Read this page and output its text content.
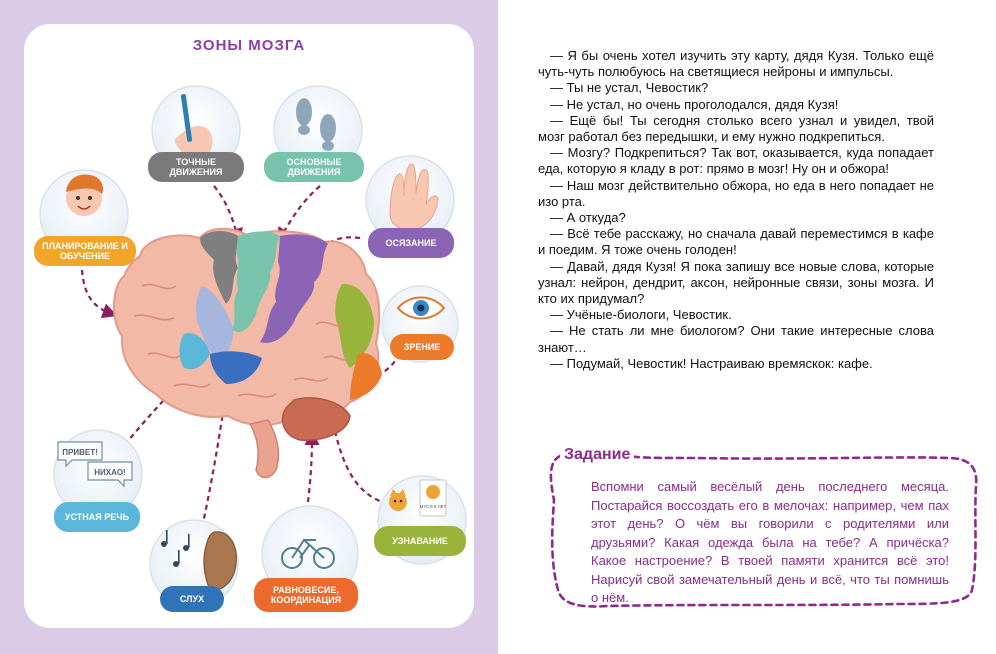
ЗОНЫ МОЗГА
ПРИВЕТ!
НИХАО!
МУСЯ 8 ЛЕТ
ТОЧНЫЕ ДВИЖЕНИЯ
ОСНОВНЫЕ ДВИЖЕНИЯ
ОСЯЗАНИЕ
ПЛАНИРОВАНИЕ И ОБУЧЕНИЕ
ЗРЕНИЕ
УСТНАЯ РЕЧЬ
УЗНАВАНИЕ
СЛУХ
РАВНОВЕСИЕ, КООРДИНАЦИЯ

— Я бы очень хотел изучить эту карту, дядя Кузя. Только ещё чуть-чуть полюбуюсь на светящиеся нейроны и импульсы.

— Ты не устал, Чевостик?

— Не устал, но очень проголодался, дядя Кузя!

— Ещё бы! Ты сегодня столько всего узнал и увидел, твой мозг работал без передышки, и ему нужно подкрепиться.

— Мозгу? Подкрепиться? Так вот, оказывается, куда попадает еда, которую я кладу в рот: прямо в мозг! Ну он и обжора!

— Наш мозг действительно обжора, но еда в него попадает не изо рта.

— А откуда?

— Всё тебе расскажу, но сначала давай переместимся в кафе и поедим. Я тоже очень голоден!

— Давай, дядя Кузя! Я пока запишу все новые слова, которые узнал: нейрон, дендрит, аксон, нейронные связи, зоны мозга. И кто их придумал?

— Учёные-биологи, Чевостик.

— Не стать ли мне биологом? Они такие интересные слова знают…

— Подумай, Чевостик! Настраиваю времяскок: кафе.

Задание
Вспомни самый весёлый день последнего месяца. Постарайся воссоздать его в мелочах: например, чем пах этот день? О чём вы говорили с родителями или друзьями? Какая одежда была на тебе? А причёска? Какое настроение? В твоей памяти хранится всё это! Нарисуй свой замечательный день и всё, что ты помнишь о нём.
